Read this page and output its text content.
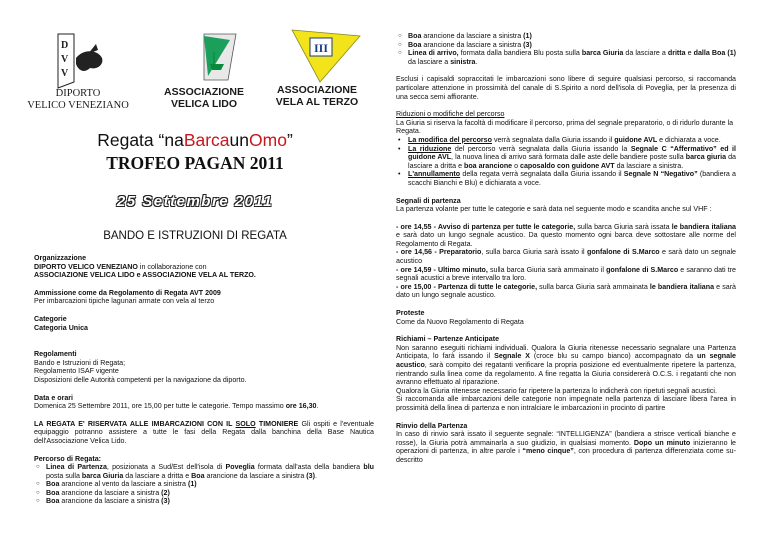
D
V
V
DIPORTO
VELICO VENEZIANO
ASSOCIAZIONE
VELICA LIDO
III
ASSOCIAZIONE
VELA AL TERZO
Regata “naBarcaunOmo”
TROFEO PAGAN 2011
25 Settembre 2011
BANDO E ISTRUZIONI DI REGATA
Organizzazione
DIPORTO VELICO VENEZIANO in collaborazione con
ASSOCIAZIONE VELICA LIDO e ASSOCIAZIONE VELA AL TERZO.
Ammissione come da Regolamento di Regata AVT 2009
Per imbarcazioni tipiche lagunari armate con vela al terzo
Categorie
Categoria Unica
Regolamenti
Bando e Istruzioni di Regata;
Regolamento ISAF vigente
Disposizioni delle Autorità competenti per la navigazione da diporto.
Data e orari
Domenica 25 Settembre 2011, ore 15,00 per tutte le categorie. Tempo massimo ore 16,30.
LA REGATA E' RISERVATA ALLE IMBARCAZIONI CON IL SOLO TIMONIERE Gli ospiti e l'eventuale equipaggio potranno assistere a tutte le fasi della Regata dalla banchina della Base Nautica dell'Associazione Velica Lido.
Percorso di Regata:
○ Linea di Partenza, posizionata a Sud/Est dell'isola di Poveglia formata dall'asta della bandiera blu posta sulla barca Giuria da lasciare a dritta e Boa arancione da lasciare a sinistra (3).
○ Boa arancione al vento da lasciare a sinistra (1)
○ Boa arancione da lasciare a sinistra (2)
○ Boa arancione da lasciare a sinistra (3)
○ Boa arancione da lasciare a sinistra (1)
○ Boa arancione da lasciare a sinistra (3)
○ Linea di arrivo, formata dalla bandiera Blu posta sulla barca Giuria da lasciare a dritta e dalla Boa (1) da lasciare a sinistra.
Esclusi i capisaldi sopraccitati le imbarcazioni sono libere di seguire qualsiasi percorso, si raccomanda particolare attenzione in prossimità del canale di S.Spirito a nord dell'isola di Poveglia, per la presenza di una secca semi affiorante.
Riduzioni o modifiche del percorso
La Giuria si riserva la facoltà di modificare il percorso, prima del segnale preparatorio, o di ridurlo durante la Regata.
• La modifica del percorso verrà segnalata dalla Giuria issando il guidone AVL e dichiarata a voce.
• La riduzione del percorso verrà segnalata dalla Giuria issando la Segnale C “Affermativo” ed il guidone AVL, la nuova linea di arrivo sarà formata dalle aste delle bandiere poste sulla barca giuria da lasciare a dritta e boa arancione o caposaldo con guidone AVT da lasciare a sinistra.
• L'annullamento della regata verrà segnalata dalla Giuria issando il Segnale N “Negativo” (bandiera a scacchi Bianchi e Blu) e dichiarata a voce.
Segnali di partenza
La partenza volante per tutte le categorie e sarà data nel seguente modo e scandita anche sul VHF :
- ore 14,55 - Avviso di partenza per tutte le categorie, sulla barca Giuria sarà issata le bandiera italiana e sarà dato un lungo segnale acustico. Da questo momento ogni barca deve sottostare alle norme del Regolamento di Regata.
- ore 14,56 - Preparatorio, sulla barca Giuria sarà issato il gonfalone di S.Marco e sarà dato un segnale acustico
- ore 14,59 - Ultimo minuto, sulla barca Giuria sarà ammainato il gonfalone di S.Marco e saranno dati tre segnali acustici a breve intervallo tra loro.
- ore 15,00 - Partenza di tutte le categorie, sulla barca Giuria sarà ammainata le bandiera italiana e sarà dato un lungo segnale acustico.
Proteste
Come da Nuovo Regolamento di Regata
Richiami – Partenze Anticipate
Non saranno eseguiti richiami individuali. Qualora la Giuria ritenesse necessario segnalare una Partenza Anticipata, lo farà issando il Segnale X (croce blu su campo bianco) accompagnato da un segnale acustico, sarà compito dei regatanti verificare la propria posizione ed eventualmente ripetere la partenza, rientrando sulla linea come da regolamento. A fine regatta la Giuria considererà O.C.S. i regatanti che non avranno effettuato al riparazione.
Qualora la Giuria ritenesse necessario far ripetere la partenza lo indicherà con ripetuti segnali acustici.
Si raccomanda alle imbarcazioni delle categorie non impegnate nella partenza di lasciare libera l'area in prossimità della linea di partenza e non intralciare le imbarcazioni in procinto di partire
Rinvio della Partenza
In caso di rinvio sarà issato il seguente segnale: “INTELLIGENZA” (bandiera a strisce verticali bianche e rosse), la Giuria potrà ammainarla a suo giudizio, in qualsiasi momento. Dopo un minuto inizieranno le operazioni di partenza, in altre parole i “meno cinque”, con procedura di partenza differenziata come su-descritto
